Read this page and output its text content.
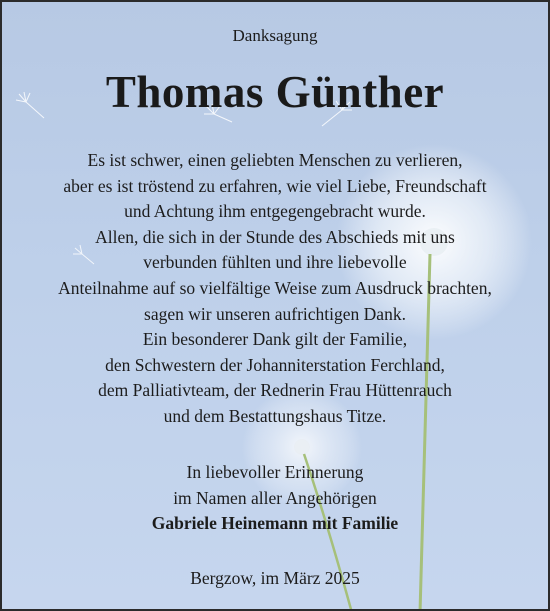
Danksagung
Thomas Günther
Es ist schwer, einen geliebten Menschen zu verlieren,
aber es ist tröstend zu erfahren, wie viel Liebe, Freundschaft
und Achtung ihm entgegengebracht wurde.
Allen, die sich in der Stunde des Abschieds mit uns
verbunden fühlten und ihre liebevolle
Anteilnahme auf so vielfältige Weise zum Ausdruck brachten,
sagen wir unseren aufrichtigen Dank.
Ein besonderer Dank gilt der Familie,
den Schwestern der Johanniterstation Ferchland,
dem Palliativteam, der Rednerin Frau Hüttenrauch
und dem Bestattungshaus Titze.
In liebevoller Erinnerung
im Namen aller Angehörigen
Gabriele Heinemann mit Familie
Bergzow, im März 2025
